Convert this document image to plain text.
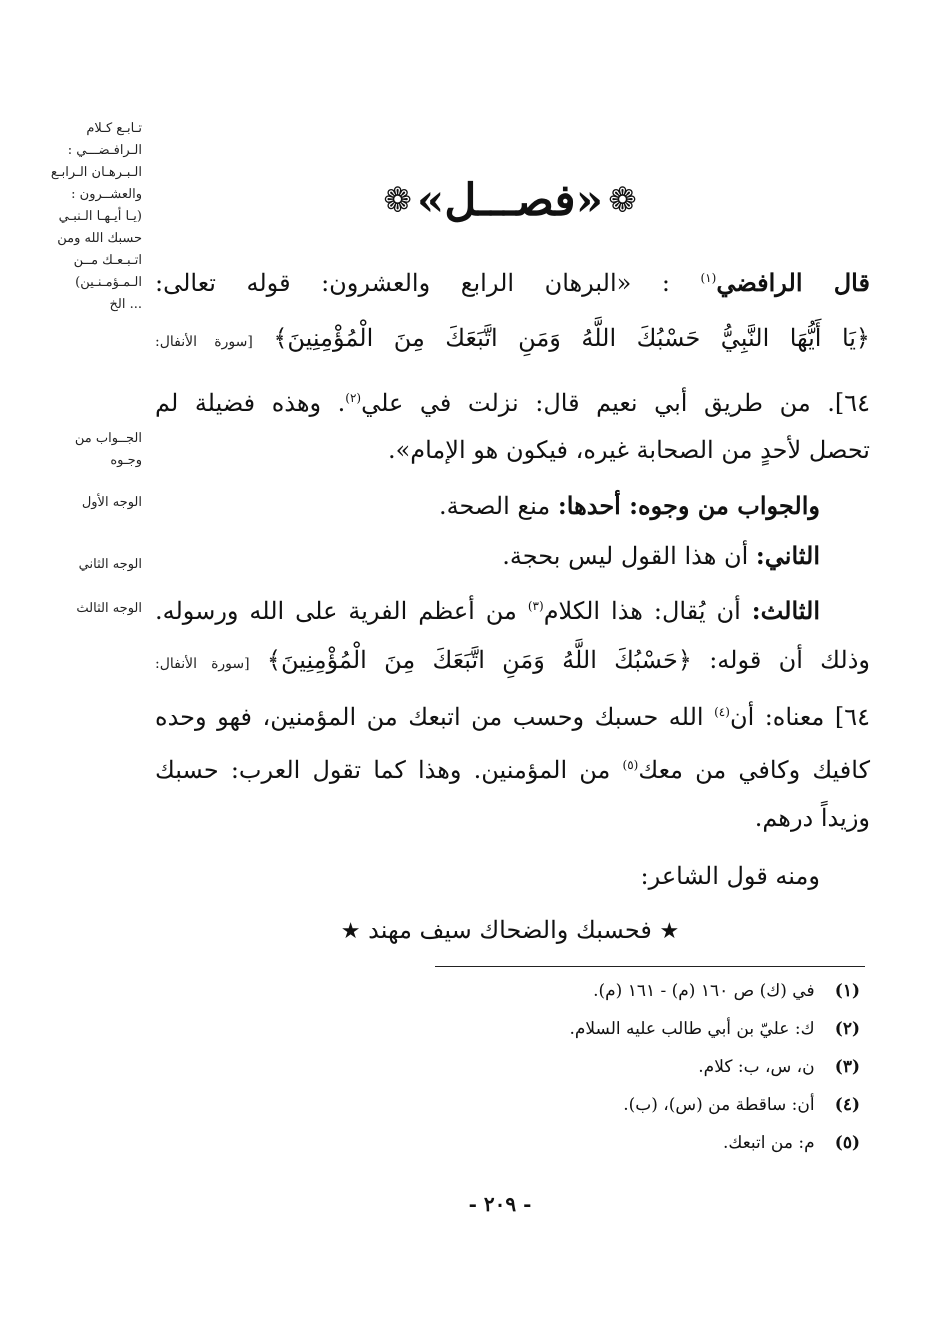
تـابـع كـلام
الـرافـضـــي :
الـبـرهـان الـرابـع
والعشــرون :
(يـا أيـهـا الـنبـي
حسبك الله ومن
اتـبـعـك مــن
الـمـؤمـنـين)
... الخ
الجــواب من
وجـوه
الوجه الأول
الوجه الثاني
الوجه الثالث
❁ «فصـــل» ❁
قال الرافضي$^{(١)}$ : «البرهان الرابع والعشرون: قوله تعالى:
﴿يَا أَيُّهَا النَّبِيُّ حَسْبُكَ اللَّهُ وَمَنِ اتَّبَعَكَ مِنَ الْمُؤْمِنِينَ﴾ [سورة الأنفال:
٦٤]. من طريق أبي نعيم قال: نزلت في علي$^{(٢)}$. وهذه فضيلة لم
تحصل لأحدٍ من الصحابة غيره، فيكون هو الإمام».
والجواب من وجوه: أحدها: منع الصحة.
الثاني: أن هذا القول ليس بحجة.
الثالث: أن يُقال: هذا الكلام$^{(٣)}$ من أعظم الفرية على الله ورسوله.
وذلك أن قوله: ﴿حَسْبُكَ اللَّهُ وَمَنِ اتَّبَعَكَ مِنَ الْمُؤْمِنِينَ﴾ [سورة الأنفال:
٦٤] معناه: أن$^{(٤)}$ الله حسبك وحسب من اتبعك من المؤمنين، فهو وحده
كافيك وكافي من معك$^{(٥)}$ من المؤمنين. وهذا كما تقول العرب: حسبك
وزيداً درهم.
ومنه قول الشاعر:
★ فحسبك والضحاك سيف مهند ★
(١) في (ك) ص ١٦٠ (م) - ١٦١ (م).
(٢) ك: عليّ بن أبي طالب عليه السلام.
(٣) ن، س، ب: كلام.
(٤) أن: ساقطة من (س)، (ب).
(٥) م: من اتبعك.
- ٢٠٩ -
